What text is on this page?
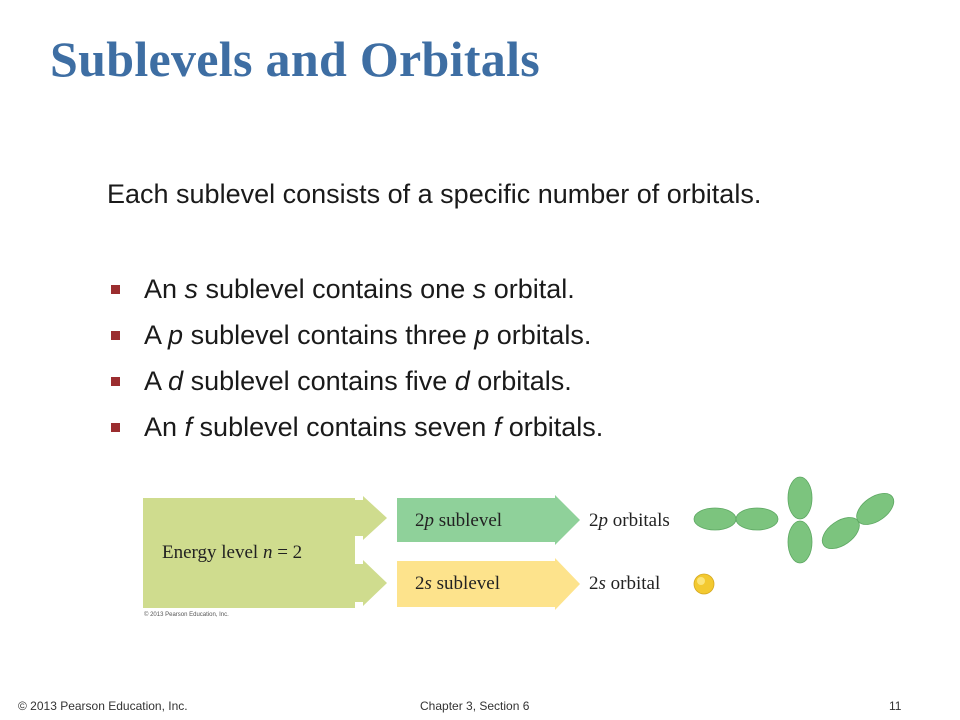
Sublevels and Orbitals
Each sublevel consists of a specific number of orbitals.
An s sublevel contains one s orbital.
A p sublevel contains three p orbitals.
A d sublevel contains five d orbitals.
An f sublevel contains seven f orbitals.
Energy level n = 2
2p sublevel
2s sublevel
2p orbitals
2s orbital
© 2013 Pearson Education, Inc.
© 2013 Pearson Education, Inc.	Chapter 3, Section 6	11
